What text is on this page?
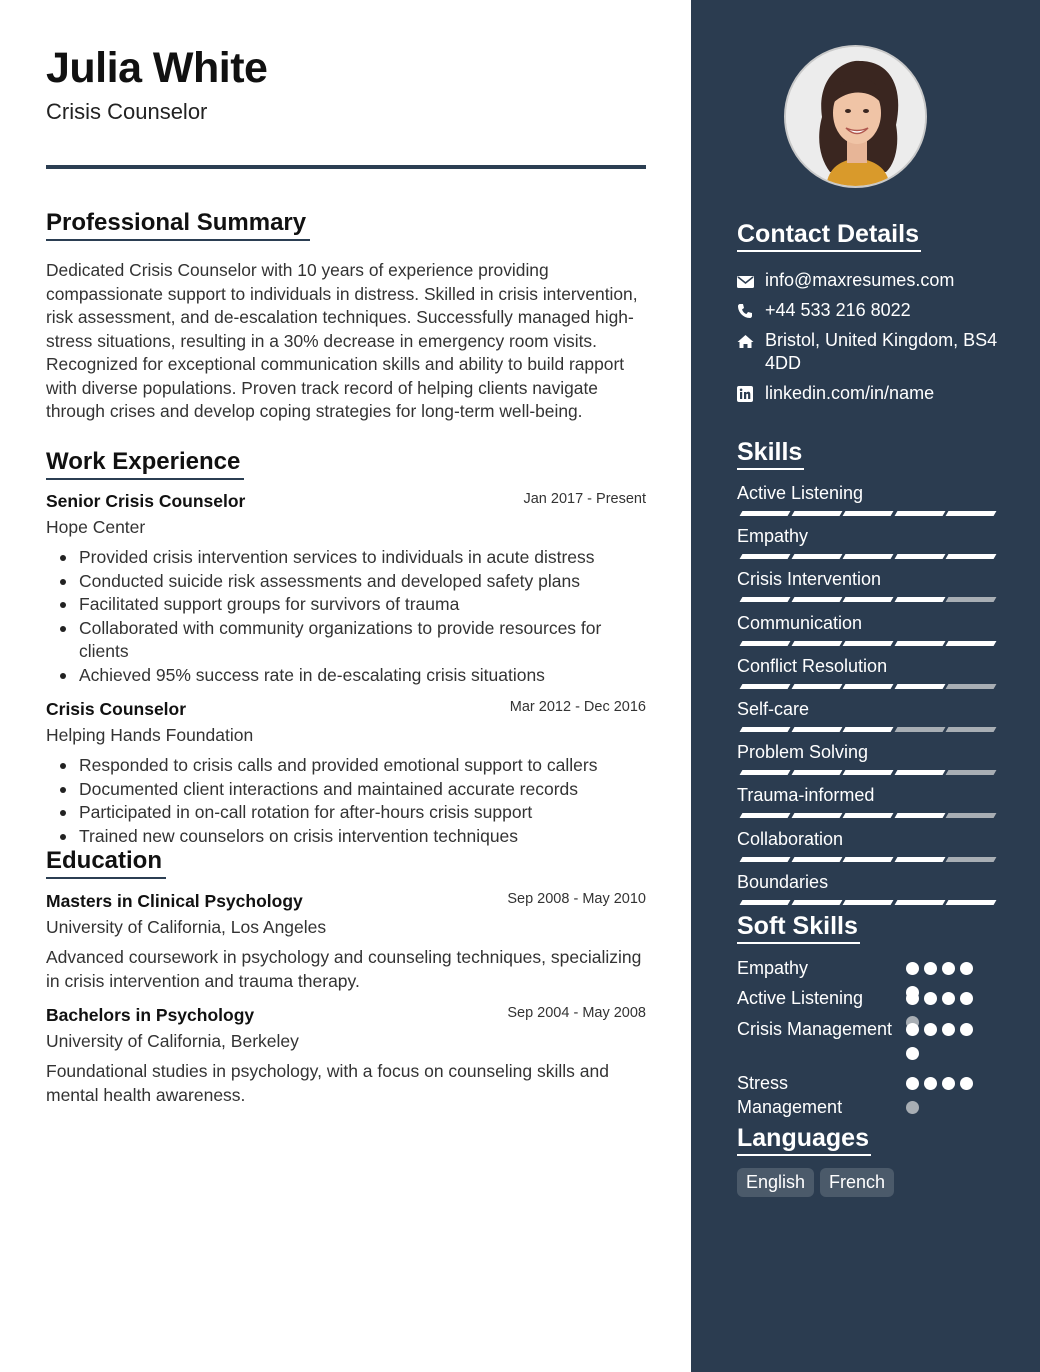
Julia White
Crisis Counselor
Professional Summary
Dedicated Crisis Counselor with 10 years of experience providing compassionate support to individuals in distress. Skilled in crisis intervention, risk assessment, and de-escalation techniques. Successfully managed high-stress situations, resulting in a 30% decrease in emergency room visits. Recognized for exceptional communication skills and ability to build rapport with diverse populations. Proven track record of helping clients navigate through crises and develop coping strategies for long-term well-being.
Work Experience
Senior Crisis Counselor	Jan 2017 - Present
Hope Center
Provided crisis intervention services to individuals in acute distress
Conducted suicide risk assessments and developed safety plans
Facilitated support groups for survivors of trauma
Collaborated with community organizations to provide resources for clients
Achieved 95% success rate in de-escalating crisis situations
Crisis Counselor	Mar 2012 - Dec 2016
Helping Hands Foundation
Responded to crisis calls and provided emotional support to callers
Documented client interactions and maintained accurate records
Participated in on-call rotation for after-hours crisis support
Trained new counselors on crisis intervention techniques
Education
Masters in Clinical Psychology	Sep 2008 - May 2010
University of California, Los Angeles
Advanced coursework in psychology and counseling techniques, specializing in crisis intervention and trauma therapy.
Bachelors in Psychology	Sep 2004 - May 2008
University of California, Berkeley
Foundational studies in psychology, with a focus on counseling skills and mental health awareness.
Contact Details
info@maxresumes.com
+44 533 216 8022
Bristol, United Kingdom, BS4 4DD
linkedin.com/in/name
Skills
Active Listening
Empathy
Crisis Intervention
Communication
Conflict Resolution
Self-care
Problem Solving
Trauma-informed
Collaboration
Boundaries
Soft Skills
Empathy
Active Listening
Crisis Management
Stress Management
Languages
English French
